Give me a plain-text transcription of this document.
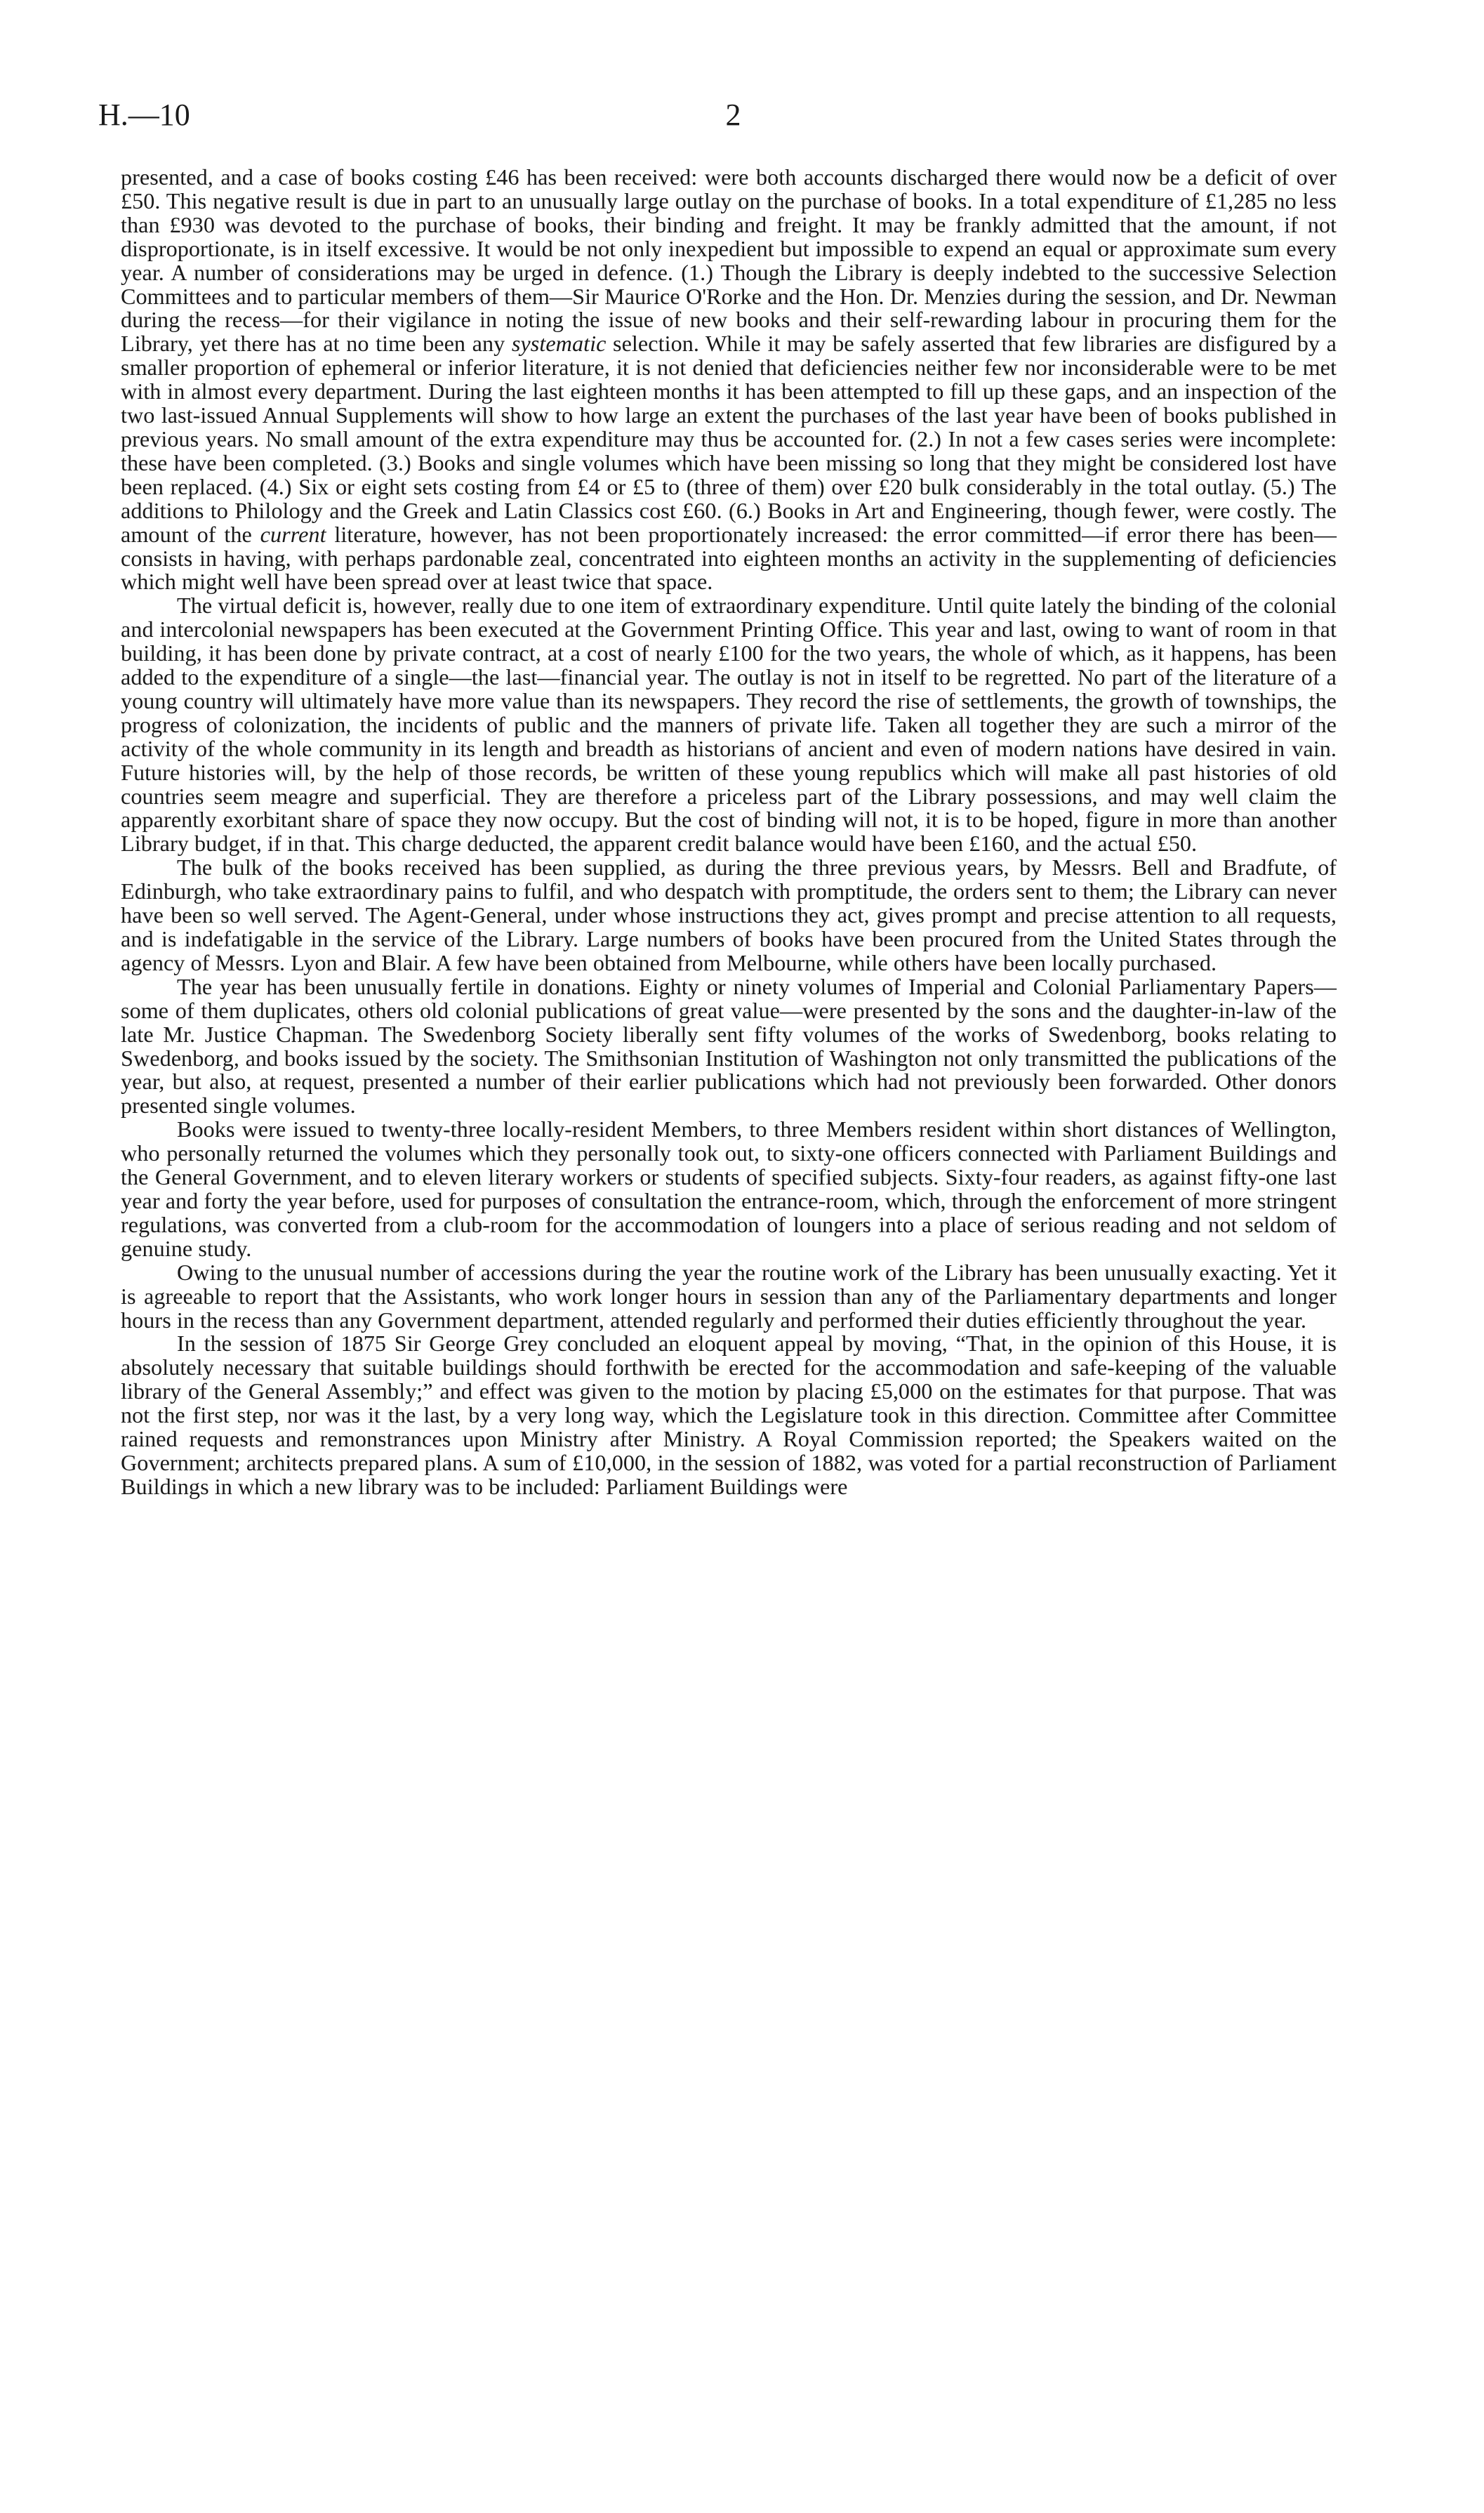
H.—10	2

presented, and a case of books costing £46 has been received: were both accounts discharged there would now be a deficit of over £50. This negative result is due in part to an unusually large outlay on the purchase of books. In a total expenditure of £1,285 no less than £930 was devoted to the purchase of books, their binding and freight. It may be frankly admitted that the amount, if not disproportionate, is in itself excessive. It would be not only inexpedient but impossible to expend an equal or approximate sum every year. A number of considerations may be urged in defence. (1.) Though the Library is deeply indebted to the successive Selection Committees and to particular members of them—Sir Maurice O'Rorke and the Hon. Dr. Menzies during the session, and Dr. Newman during the recess—for their vigilance in noting the issue of new books and their self-rewarding labour in procuring them for the Library, yet there has at no time been any systematic selection. While it may be safely asserted that few libraries are disfigured by a smaller proportion of ephemeral or inferior literature, it is not denied that deficiencies neither few nor inconsiderable were to be met with in almost every department. During the last eighteen months it has been attempted to fill up these gaps, and an inspection of the two last-issued Annual Supplements will show to how large an extent the purchases of the last year have been of books published in previous years. No small amount of the extra expenditure may thus be accounted for. (2.) In not a few cases series were incomplete: these have been completed. (3.) Books and single volumes which have been missing so long that they might be considered lost have been replaced. (4.) Six or eight sets costing from £4 or £5 to (three of them) over £20 bulk considerably in the total outlay. (5.) The additions to Philology and the Greek and Latin Classics cost £60. (6.) Books in Art and Engineering, though fewer, were costly. The amount of the current literature, however, has not been proportionately increased: the error committed—if error there has been—consists in having, with perhaps pardonable zeal, concentrated into eighteen months an activity in the supplementing of deficiencies which might well have been spread over at least twice that space.

The virtual deficit is, however, really due to one item of extraordinary expenditure. Until quite lately the binding of the colonial and intercolonial newspapers has been executed at the Government Printing Office. This year and last, owing to want of room in that building, it has been done by private contract, at a cost of nearly £100 for the two years, the whole of which, as it happens, has been added to the expenditure of a single—the last—financial year. The outlay is not in itself to be regretted. No part of the literature of a young country will ultimately have more value than its newspapers. They record the rise of settlements, the growth of townships, the progress of colonization, the incidents of public and the manners of private life. Taken all together they are such a mirror of the activity of the whole community in its length and breadth as historians of ancient and even of modern nations have desired in vain. Future histories will, by the help of those records, be written of these young republics which will make all past histories of old countries seem meagre and superficial. They are therefore a priceless part of the Library possessions, and may well claim the apparently exorbitant share of space they now occupy. But the cost of binding will not, it is to be hoped, figure in more than another Library budget, if in that. This charge deducted, the apparent credit balance would have been £160, and the actual £50.

The bulk of the books received has been supplied, as during the three previous years, by Messrs. Bell and Bradfute, of Edinburgh, who take extraordinary pains to fulfil, and who despatch with promptitude, the orders sent to them; the Library can never have been so well served. The Agent-General, under whose instructions they act, gives prompt and precise attention to all requests, and is indefatigable in the service of the Library. Large numbers of books have been procured from the United States through the agency of Messrs. Lyon and Blair. A few have been obtained from Melbourne, while others have been locally purchased.

The year has been unusually fertile in donations. Eighty or ninety volumes of Imperial and Colonial Parliamentary Papers—some of them duplicates, others old colonial publications of great value—were presented by the sons and the daughter-in-law of the late Mr. Justice Chapman. The Swedenborg Society liberally sent fifty volumes of the works of Swedenborg, books relating to Swedenborg, and books issued by the society. The Smithsonian Institution of Washington not only transmitted the publications of the year, but also, at request, presented a number of their earlier publications which had not previously been forwarded. Other donors presented single volumes.

Books were issued to twenty-three locally-resident Members, to three Members resident within short distances of Wellington, who personally returned the volumes which they personally took out, to sixty-one officers connected with Parliament Buildings and the General Government, and to eleven literary workers or students of specified subjects. Sixty-four readers, as against fifty-one last year and forty the year before, used for purposes of consultation the entrance-room, which, through the enforcement of more stringent regulations, was converted from a club-room for the accommodation of loungers into a place of serious reading and not seldom of genuine study.

Owing to the unusual number of accessions during the year the routine work of the Library has been unusually exacting. Yet it is agreeable to report that the Assistants, who work longer hours in session than any of the Parliamentary departments and longer hours in the recess than any Government department, attended regularly and performed their duties efficiently throughout the year.

In the session of 1875 Sir George Grey concluded an eloquent appeal by moving, “That, in the opinion of this House, it is absolutely necessary that suitable buildings should forthwith be erected for the accommodation and safe-keeping of the valuable library of the General Assembly;” and effect was given to the motion by placing £5,000 on the estimates for that purpose. That was not the first step, nor was it the last, by a very long way, which the Legislature took in this direction. Committee after Committee rained requests and remonstrances upon Ministry after Ministry. A Royal Commission reported; the Speakers waited on the Government; architects prepared plans. A sum of £10,000, in the session of 1882, was voted for a partial reconstruction of Parliament Buildings in which a new library was to be included: Parliament Buildings were
